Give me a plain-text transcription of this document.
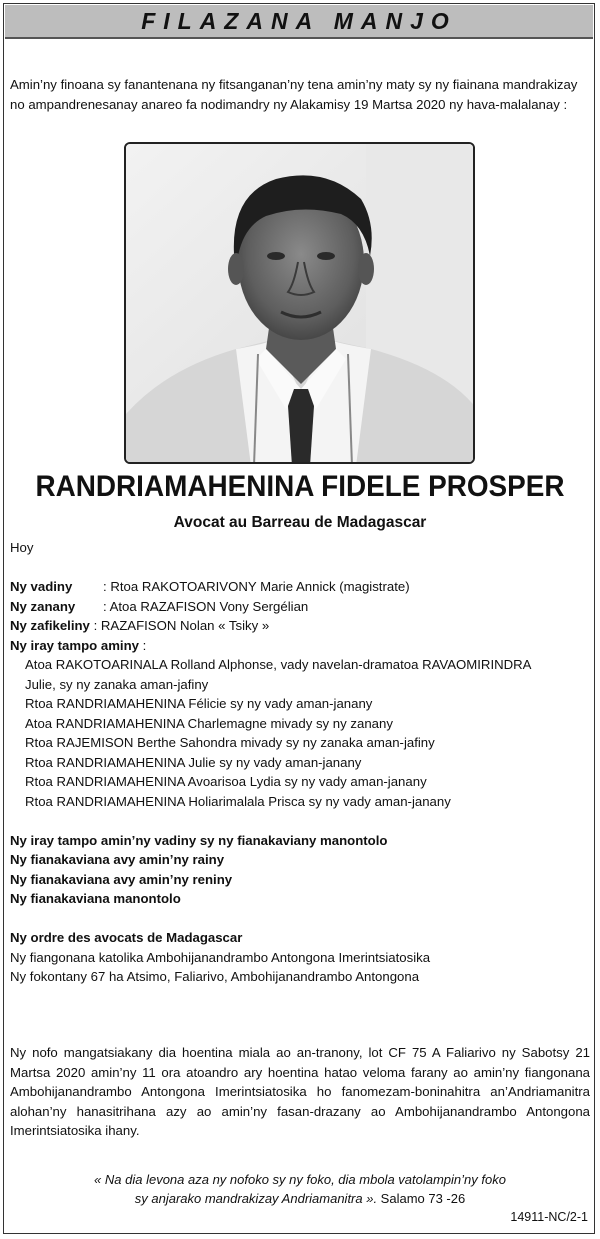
FILAZANA MANJO
Amin’ny finoana sy fanantenana ny fitsanganan’ny tena amin’ny maty sy ny fiainana mandrakizay no ampandrenesanay anareo fa nodimandry ny Alakamisy 19 Martsa 2020 ny hava-malalanay :
RANDRIAMAHENINA FIDELE PROSPER
Avocat au Barreau de Madagascar
Hoy
Ny vadiny : Rtoa RAKOTOARIVONY Marie Annick (magistrate)
Ny zanany : Atoa RAZAFISON Vony Sergélian
Ny zafikeliny : RAZAFISON Nolan « Tsiky »
Ny iray tampo aminy :
Atoa RAKOTOARINALA Rolland Alphonse, vady navelan-dramatoa RAVAOMIRINDRA
Julie, sy ny zanaka aman-jafiny
Rtoa RANDRIAMAHENINA Félicie sy ny vady aman-janany
Atoa RANDRIAMAHENINA Charlemagne mivady sy ny zanany
Rtoa RAJEMISON Berthe Sahondra mivady sy ny zanaka aman-jafiny
Rtoa RANDRIAMAHENINA Julie sy ny vady aman-janany
Rtoa RANDRIAMAHENINA Avoarisoa Lydia sy ny vady aman-janany
Rtoa RANDRIAMAHENINA Holiarimalala Prisca sy ny vady aman-janany
Ny iray tampo amin’ny vadiny sy ny fianakaviany manontolo
Ny fianakaviana avy amin’ny rainy
Ny fianakaviana avy amin’ny reniny
Ny fianakaviana manontolo
Ny ordre des avocats de Madagascar
Ny fiangonana katolika Ambohijanandrambo Antongona Imerintsiatosika
Ny fokontany 67 ha Atsimo, Faliarivo, Ambohijanandrambo Antongona
Ny nofo mangatsiakany dia hoentina miala ao an-tranony, lot CF 75 A Faliarivo ny Sabotsy 21 Martsa 2020 amin’ny 11 ora atoandro ary hoentina hatao veloma farany ao amin’ny fiangonana Ambohijanandrambo Antongona Imerintsiatosika ho fanomezam-boninahitra an’Andriamanitra alohan’ny hanasitrihana azy ao amin’ny fasan-drazany ao Ambohijanandrambo Antongona Imerintsiatosika ihany.
« Na dia levona aza ny nofoko sy ny foko, dia mbola vatolampin’ny foko
sy anjarako mandrakizay Andriamanitra ». Salamo 73 -26
14911-NC/2-1
